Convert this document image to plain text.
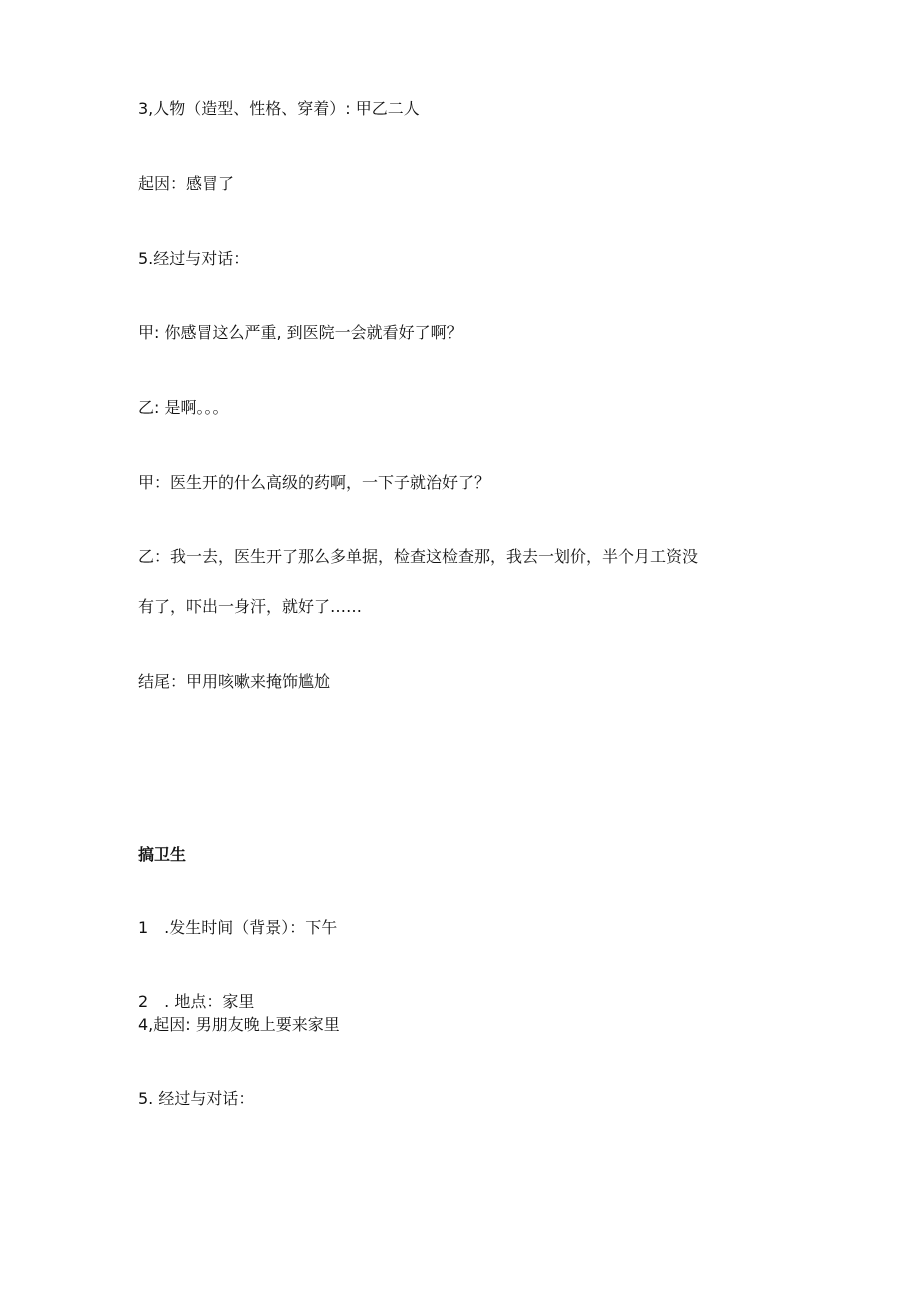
3,人物（造型、性格、穿着）: 甲乙二人
起因：感冒了
5.经过与对话：
甲: 你感冒这么严重, 到医院一会就看好了啊？
乙: 是啊。。。
甲：医生开的什么高级的药啊，一下子就治好了？
乙：我一去，医生开了那么多单据，检查这检查那，我去一划价，半个月工资没
有了，吓出一身汗，就好了……
结尾：甲用咳嗽来掩饰尴尬
搞卫生
1　.发生时间（背景）：下午
2　. 地点：家里
4,起因: 男朋友晚上要来家里
5. 经过与对话：
